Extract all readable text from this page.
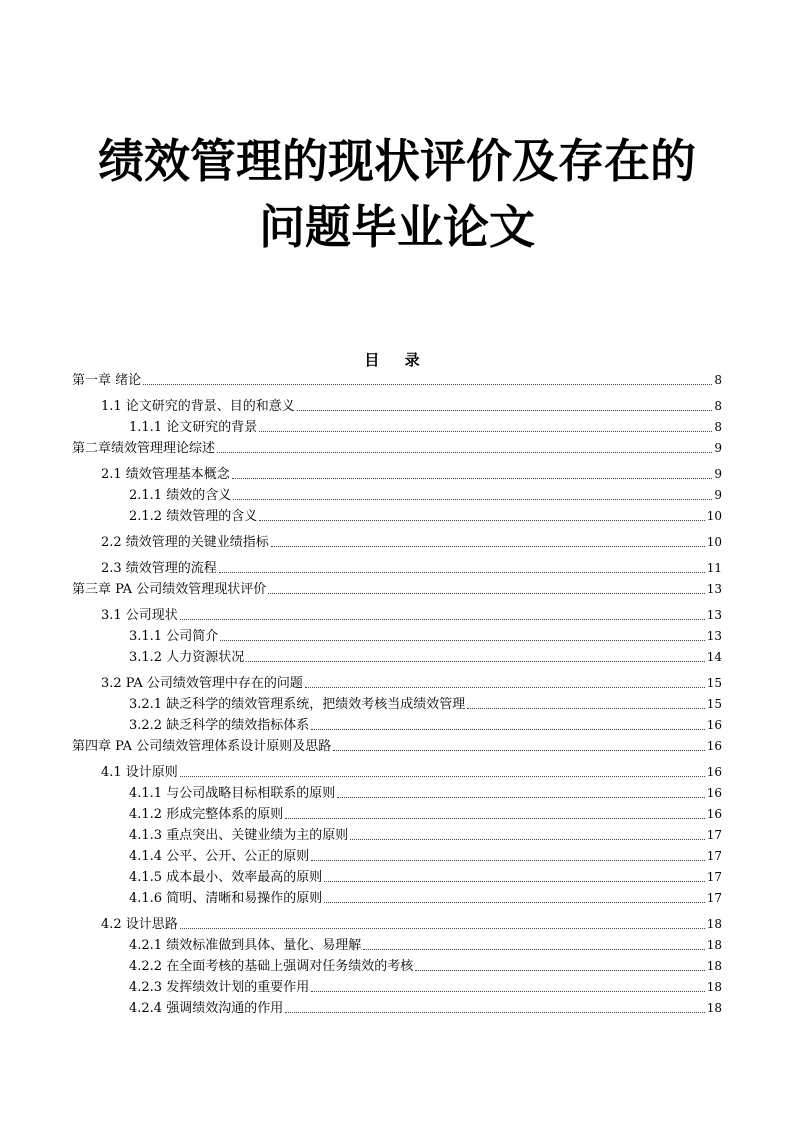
绩效管理的现状评价及存在的
问题毕业论文
目 录
第一章 绪论	8
1.1 论文研究的背景、目的和意义	8
1.1.1 论文研究的背景	8
第二章绩效管理理论综述	9
2.1 绩效管理基本概念	9
2.1.1 绩效的含义	9
2.1.2 绩效管理的含义	10
2.2 绩效管理的关键业绩指标	10
2.3 绩效管理的流程	11
第三章 PA 公司绩效管理现状评价	13
3.1 公司现状	13
3.1.1 公司简介	13
3.1.2 人力资源状况	14
3.2 PA 公司绩效管理中存在的问题	15
3.2.1 缺乏科学的绩效管理系统，把绩效考核当成绩效管理	15
3.2.2 缺乏科学的绩效指标体系	16
第四章 PA 公司绩效管理体系设计原则及思路	16
4.1 设计原则	16
4.1.1 与公司战略目标相联系的原则	16
4.1.2 形成完整体系的原则	16
4.1.3 重点突出、关键业绩为主的原则	17
4.1.4 公平、公开、公正的原则	17
4.1.5 成本最小、效率最高的原则	17
4.1.6 简明、清晰和易操作的原则	17
4.2 设计思路	18
4.2.1 绩效标准做到具体、量化、易理解	18
4.2.2 在全面考核的基础上强调对任务绩效的考核	18
4.2.3 发挥绩效计划的重要作用	18
4.2.4 强调绩效沟通的作用	18
